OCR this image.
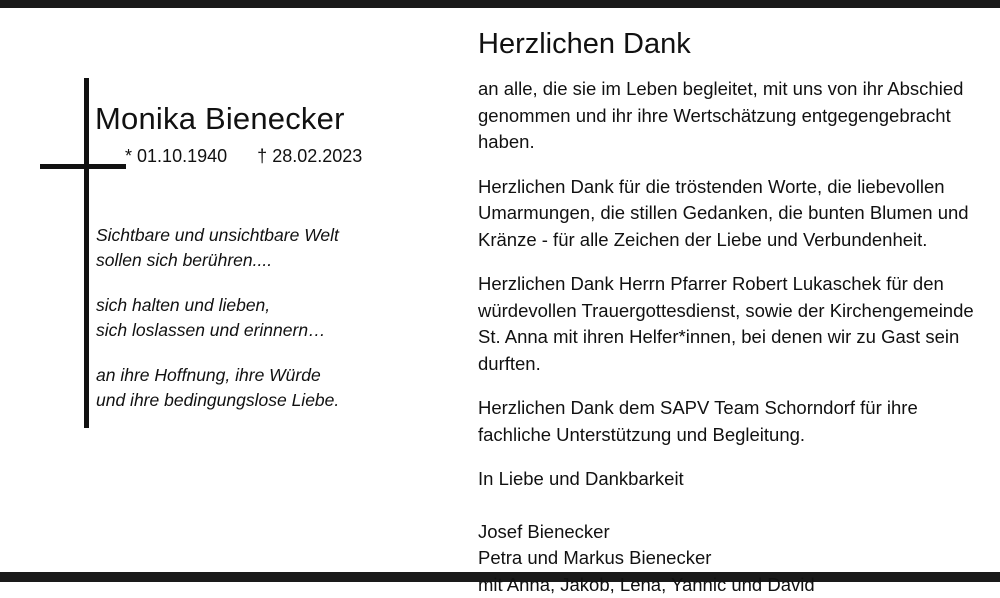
Monika Bienecker
* 01.10.1940 † 28.02.2023

Sichtbare und unsichtbare Welt
sollen sich berühren....

sich halten und lieben,
sich loslassen und erinnern…

an ihre Hoffnung, ihre Würde
und ihre bedingungslose Liebe.

Herzlichen Dank

an alle, die sie im Leben begleitet, mit uns von ihr Abschied genommen und ihr ihre Wertschätzung entgegengebracht haben.

Herzlichen Dank für die tröstenden Worte, die liebevollen Umarmungen, die stillen Gedanken, die bunten Blumen und Kränze - für alle Zeichen der Liebe und Verbundenheit.

Herzlichen Dank Herrn Pfarrer Robert Lukaschek für den würdevollen Trauergottesdienst, sowie der Kirchengemeinde St. Anna mit ihren Helfer*innen, bei denen wir zu Gast sein durften.

Herzlichen Dank dem SAPV Team Schorndorf für ihre fachliche Unterstützung und Begleitung.

In Liebe und Dankbarkeit

Josef Bienecker

Petra und Markus Bienecker

mit Anna, Jakob, Lena, Yannic und David
